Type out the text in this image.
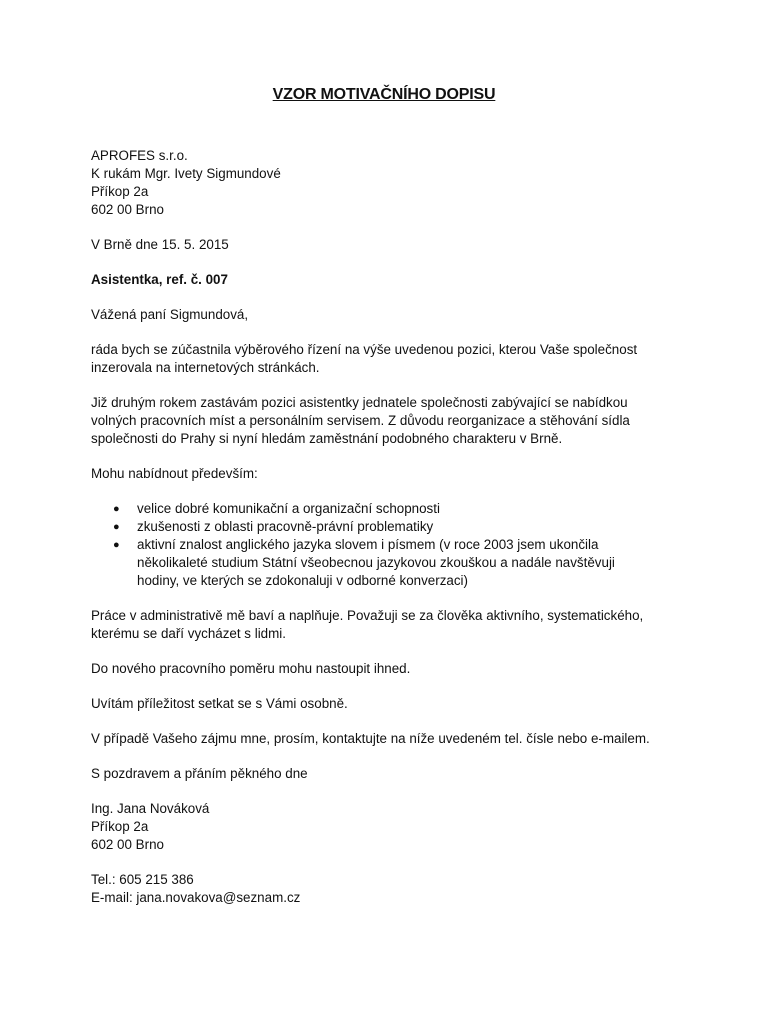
VZOR MOTIVAČNÍHO DOPISU
APROFES s.r.o.
K rukám Mgr. Ivety Sigmundové
Příkop 2a
602 00 Brno

V Brně dne 15. 5. 2015

Asistentka, ref. č. 007

Vážená paní Sigmundová,

ráda bych se zúčastnila výběrového řízení na výše uvedenou pozici, kterou Vaše společnost inzerovala na internetových stránkách.

Již druhým rokem zastávám pozici asistentky jednatele společnosti zabývající se nabídkou volných pracovních míst a personálním servisem. Z důvodu reorganizace a stěhování sídla společnosti do Prahy si nyní hledám zaměstnání podobného charakteru v Brně.

Mohu nabídnout především:

● velice dobré komunikační a organizační schopnosti
● zkušenosti z oblasti pracovně-právní problematiky
● aktivní znalost anglického jazyka slovem i písmem (v roce 2003 jsem ukončila několikaleté studium Státní všeobecnou jazykovou zkouškou a nadále navštěvuji hodiny, ve kterých se zdokonaluji v odborné konverzaci)

Práce v administrativě mě baví a naplňuje. Považuji se za člověka aktivního, systematického, kterému se daří vycházet s lidmi.

Do nového pracovního poměru mohu nastoupit ihned.

Uvítám příležitost setkat se s Vámi osobně.

V případě Vašeho zájmu mne, prosím, kontaktujte na níže uvedeném tel. čísle nebo e-mailem.

S pozdravem a přáním pěkného dne

Ing. Jana Nováková
Příkop 2a
602 00 Brno
Tel.: 605 215 386
E-mail: jana.novakova@seznam.cz
